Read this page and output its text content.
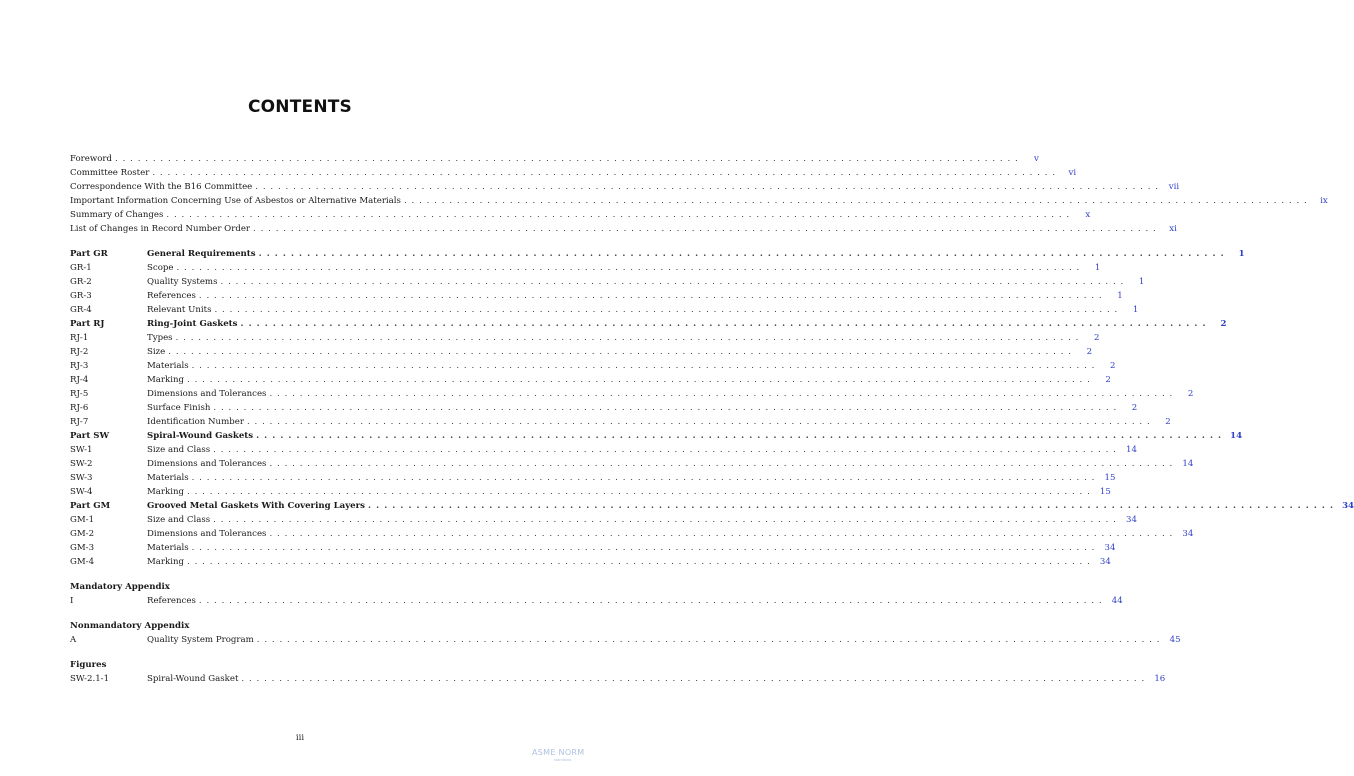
CONTENTS
Foreword . . . . . . . . . . . . . . . . . . . . . . . . . . . . . . . . . . . . . . . . . . . . . . . . . . . . . . . . . . . . . . . . . . . . . . . . . . . . . . . . . . . . . . . . . . . . . . . . . . . . . . . . . . . . . . . . . . . . . . . .	v
Committee Roster . . . . . . . . . . . . . . . . . . . . . . . . . . . . . . . . . . . . . . . . . . . . . . . . . . . . . . . . . . . . . . . . . . . . . . . . . . . . . . . . . . . . . . . . . . . . . . . . . . . . . . . . . . . . . . . . . . . . . . . .	vi
Correspondence With the B16 Committee . . . . . . . . . . . . . . . . . . . . . . . . . . . . . . . . . . . . . . . . . . . . . . . . . . . . . . . . . . . . . . . . . . . . . . . . . . . . . . . . . . . . . . . . . . . . . . . . . . . . . . . . . . . . . . . . . . . . . . . .	vii
Important Information Concerning Use of Asbestos or Alternative Materials . . . . . . . . . . . . . . . . . . . . . . . . . . . . . . . . . . . . . . . . . . . . . . . . . . . . . . . . . . . . . . . . . . . . . . . . . . . . . . . . . . . . . . . . . . . . . . . . . . . . . . . . . . . . . . . . . . . . . . . .	ix
Summary of Changes . . . . . . . . . . . . . . . . . . . . . . . . . . . . . . . . . . . . . . . . . . . . . . . . . . . . . . . . . . . . . . . . . . . . . . . . . . . . . . . . . . . . . . . . . . . . . . . . . . . . . . . . . . . . . . . . . . . . . . . .	x
List of Changes in Record Number Order . . . . . . . . . . . . . . . . . . . . . . . . . . . . . . . . . . . . . . . . . . . . . . . . . . . . . . . . . . . . . . . . . . . . . . . . . . . . . . . . . . . . . . . . . . . . . . . . . . . . . . . . . . . . . . . . . . . . . . . .	xi
Part GR	General Requirements . . . . . . . . . . . . . . . . . . . . . . . . . . . . . . . . . . . . . . . . . . . . . . . . . . . . . . . . . . . . . . . . . . . . . . . . . . . . . . . . . . . . . . . . . . . . . . . . . . . . . . . . . . . . . . . . . . . . . . . .	1
GR-1	Scope . . . . . . . . . . . . . . . . . . . . . . . . . . . . . . . . . . . . . . . . . . . . . . . . . . . . . . . . . . . . . . . . . . . . . . . . . . . . . . . . . . . . . . . . . . . . . . . . . . . . . . . . . . . . . . . . . . . . . . . .	1
GR-2	Quality Systems . . . . . . . . . . . . . . . . . . . . . . . . . . . . . . . . . . . . . . . . . . . . . . . . . . . . . . . . . . . . . . . . . . . . . . . . . . . . . . . . . . . . . . . . . . . . . . . . . . . . . . . . . . . . . . . . . . . . . . . .	1
GR-3	References . . . . . . . . . . . . . . . . . . . . . . . . . . . . . . . . . . . . . . . . . . . . . . . . . . . . . . . . . . . . . . . . . . . . . . . . . . . . . . . . . . . . . . . . . . . . . . . . . . . . . . . . . . . . . . . . . . . . . . . .	1
GR-4	Relevant Units . . . . . . . . . . . . . . . . . . . . . . . . . . . . . . . . . . . . . . . . . . . . . . . . . . . . . . . . . . . . . . . . . . . . . . . . . . . . . . . . . . . . . . . . . . . . . . . . . . . . . . . . . . . . . . . . . . . . . . . .	1
Part RJ	Ring-Joint Gaskets . . . . . . . . . . . . . . . . . . . . . . . . . . . . . . . . . . . . . . . . . . . . . . . . . . . . . . . . . . . . . . . . . . . . . . . . . . . . . . . . . . . . . . . . . . . . . . . . . . . . . . . . . . . . . . . . . . . . . . . .	2
RJ-1	Types . . . . . . . . . . . . . . . . . . . . . . . . . . . . . . . . . . . . . . . . . . . . . . . . . . . . . . . . . . . . . . . . . . . . . . . . . . . . . . . . . . . . . . . . . . . . . . . . . . . . . . . . . . . . . . . . . . . . . . . .	2
RJ-2	Size . . . . . . . . . . . . . . . . . . . . . . . . . . . . . . . . . . . . . . . . . . . . . . . . . . . . . . . . . . . . . . . . . . . . . . . . . . . . . . . . . . . . . . . . . . . . . . . . . . . . . . . . . . . . . . . . . . . . . . . .	2
RJ-3	Materials . . . . . . . . . . . . . . . . . . . . . . . . . . . . . . . . . . . . . . . . . . . . . . . . . . . . . . . . . . . . . . . . . . . . . . . . . . . . . . . . . . . . . . . . . . . . . . . . . . . . . . . . . . . . . . . . . . . . . . . .	2
RJ-4	Marking . . . . . . . . . . . . . . . . . . . . . . . . . . . . . . . . . . . . . . . . . . . . . . . . . . . . . . . . . . . . . . . . . . . . . . . . . . . . . . . . . . . . . . . . . . . . . . . . . . . . . . . . . . . . . . . . . . . . . . . .	2
RJ-5	Dimensions and Tolerances . . . . . . . . . . . . . . . . . . . . . . . . . . . . . . . . . . . . . . . . . . . . . . . . . . . . . . . . . . . . . . . . . . . . . . . . . . . . . . . . . . . . . . . . . . . . . . . . . . . . . . . . . . . . . . . . . . . . . . . .	2
RJ-6	Surface Finish . . . . . . . . . . . . . . . . . . . . . . . . . . . . . . . . . . . . . . . . . . . . . . . . . . . . . . . . . . . . . . . . . . . . . . . . . . . . . . . . . . . . . . . . . . . . . . . . . . . . . . . . . . . . . . . . . . . . . . . .	2
RJ-7	Identification Number . . . . . . . . . . . . . . . . . . . . . . . . . . . . . . . . . . . . . . . . . . . . . . . . . . . . . . . . . . . . . . . . . . . . . . . . . . . . . . . . . . . . . . . . . . . . . . . . . . . . . . . . . . . . . . . . . . . . . . . .	2
Part SW	Spiral-Wound Gaskets . . . . . . . . . . . . . . . . . . . . . . . . . . . . . . . . . . . . . . . . . . . . . . . . . . . . . . . . . . . . . . . . . . . . . . . . . . . . . . . . . . . . . . . . . . . . . . . . . . . . . . . . . . . . . . . . . . . . . . . . 14
SW-1	Size and Class . . . . . . . . . . . . . . . . . . . . . . . . . . . . . . . . . . . . . . . . . . . . . . . . . . . . . . . . . . . . . . . . . . . . . . . . . . . . . . . . . . . . . . . . . . . . . . . . . . . . . . . . . . . . . . . . . . . . . . . .	14
SW-2	Dimensions and Tolerances . . . . . . . . . . . . . . . . . . . . . . . . . . . . . . . . . . . . . . . . . . . . . . . . . . . . . . . . . . . . . . . . . . . . . . . . . . . . . . . . . . . . . . . . . . . . . . . . . . . . . . . . . . . . . . . . . . . . . . . .	14
SW-3	Materials . . . . . . . . . . . . . . . . . . . . . . . . . . . . . . . . . . . . . . . . . . . . . . . . . . . . . . . . . . . . . . . . . . . . . . . . . . . . . . . . . . . . . . . . . . . . . . . . . . . . . . . . . . . . . . . . . . . . . . . .	15
SW-4	Marking . . . . . . . . . . . . . . . . . . . . . . . . . . . . . . . . . . . . . . . . . . . . . . . . . . . . . . . . . . . . . . . . . . . . . . . . . . . . . . . . . . . . . . . . . . . . . . . . . . . . . . . . . . . . . . . . . . . . . . . .	15
Part GM	Grooved Metal Gaskets With Covering Layers . . . . . . . . . . . . . . . . . . . . . . . . . . . . . . . . . . . . . . . . . . . . . . . . . . . . . . . . . . . . . . . . . . . . . . . . . . . . . . . . . . . . . . . . . . . . . . . . . . . . . . . . . . . . . . . . . . . . . . . . 34
GM-1	Size and Class . . . . . . . . . . . . . . . . . . . . . . . . . . . . . . . . . . . . . . . . . . . . . . . . . . . . . . . . . . . . . . . . . . . . . . . . . . . . . . . . . . . . . . . . . . . . . . . . . . . . . . . . . . . . . . . . . . . . . . . .	34
GM-2	Dimensions and Tolerances . . . . . . . . . . . . . . . . . . . . . . . . . . . . . . . . . . . . . . . . . . . . . . . . . . . . . . . . . . . . . . . . . . . . . . . . . . . . . . . . . . . . . . . . . . . . . . . . . . . . . . . . . . . . . . . . . . . . . . . .	34
GM-3	Materials . . . . . . . . . . . . . . . . . . . . . . . . . . . . . . . . . . . . . . . . . . . . . . . . . . . . . . . . . . . . . . . . . . . . . . . . . . . . . . . . . . . . . . . . . . . . . . . . . . . . . . . . . . . . . . . . . . . . . . . .	34
GM-4	Marking . . . . . . . . . . . . . . . . . . . . . . . . . . . . . . . . . . . . . . . . . . . . . . . . . . . . . . . . . . . . . . . . . . . . . . . . . . . . . . . . . . . . . . . . . . . . . . . . . . . . . . . . . . . . . . . . . . . . . . . .	34
Mandatory Appendix
I	References . . . . . . . . . . . . . . . . . . . . . . . . . . . . . . . . . . . . . . . . . . . . . . . . . . . . . . . . . . . . . . . . . . . . . . . . . . . . . . . . . . . . . . . . . . . . . . . . . . . . . . . . . . . . . . . . . . . . . . . .	44
Nonmandatory Appendix
A	Quality System Program . . . . . . . . . . . . . . . . . . . . . . . . . . . . . . . . . . . . . . . . . . . . . . . . . . . . . . . . . . . . . . . . . . . . . . . . . . . . . . . . . . . . . . . . . . . . . . . . . . . . . . . . . . . . . . . . . . . . . . . .	45
Figures
SW-2.1-1	Spiral-Wound Gasket . . . . . . . . . . . . . . . . . . . . . . . . . . . . . . . . . . . . . . . . . . . . . . . . . . . . . . . . . . . . . . . . . . . . . . . . . . . . . . . . . . . . . . . . . . . . . . . . . . . . . . . . . . . . . . . . . . . . . . . .	16
iii
ASME NORM
standards
